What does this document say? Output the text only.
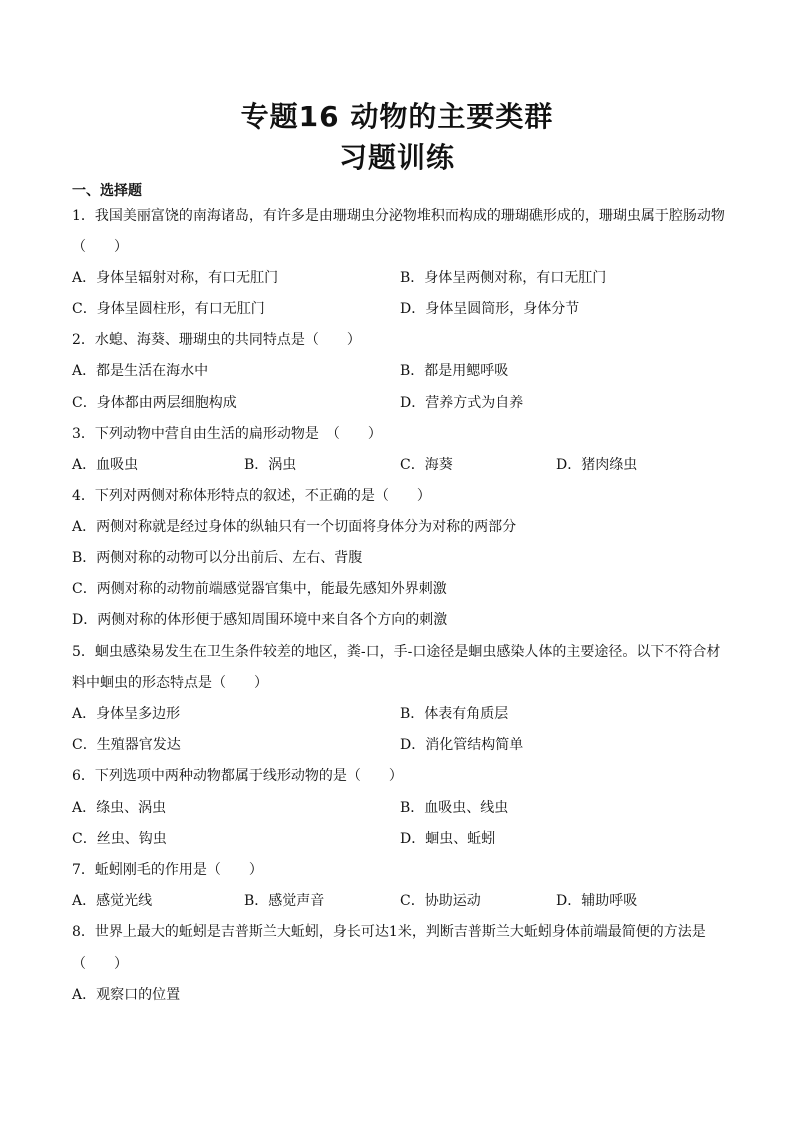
专题16 动物的主要类群
习题训练
一、选择题
1．我国美丽富饶的南海诸岛，有许多是由珊瑚虫分泌物堆积而构成的珊瑚礁形成的，珊瑚虫属于腔肠动物
（　　）
A．身体呈辐射对称，有口无肛门	B．身体呈两侧对称，有口无肛门
C．身体呈圆柱形，有口无肛门	D．身体呈圆筒形，身体分节
2．水螅、海葵、珊瑚虫的共同特点是（　　）
A．都是生活在海水中	B．都是用鳃呼吸
C．身体都由两层细胞构成	D．营养方式为自养
3．下列动物中营自由生活的扁形动物是　（　　）
A．血吸虫	B．涡虫	C．海葵	D．猪肉绦虫
4．下列对两侧对称体形特点的叙述，不正确的是（　　）
A．两侧对称就是经过身体的纵轴只有一个切面将身体分为对称的两部分
B．两侧对称的动物可以分出前后、左右、背腹
C．两侧对称的动物前端感觉器官集中，能最先感知外界刺激
D．两侧对称的体形便于感知周围环境中来自各个方向的刺激
5．蛔虫感染易发生在卫生条件较差的地区，粪-口，手-口途径是蛔虫感染人体的主要途径。以下不符合材
料中蛔虫的形态特点是（　　）
A．身体呈多边形	B．体表有角质层
C．生殖器官发达	D．消化管结构简单
6．下列选项中两种动物都属于线形动物的是（　　）
A．绦虫、涡虫	B．血吸虫、线虫
C．丝虫、钩虫	D．蛔虫、蚯蚓
7．蚯蚓刚毛的作用是（　　）
A．感觉光线	B．感觉声音	C．协助运动	D．辅助呼吸
8．世界上最大的蚯蚓是吉普斯兰大蚯蚓，身长可达1米，判断吉普斯兰大蚯蚓身体前端最简便的方法是
（　　）
A．观察口的位置
